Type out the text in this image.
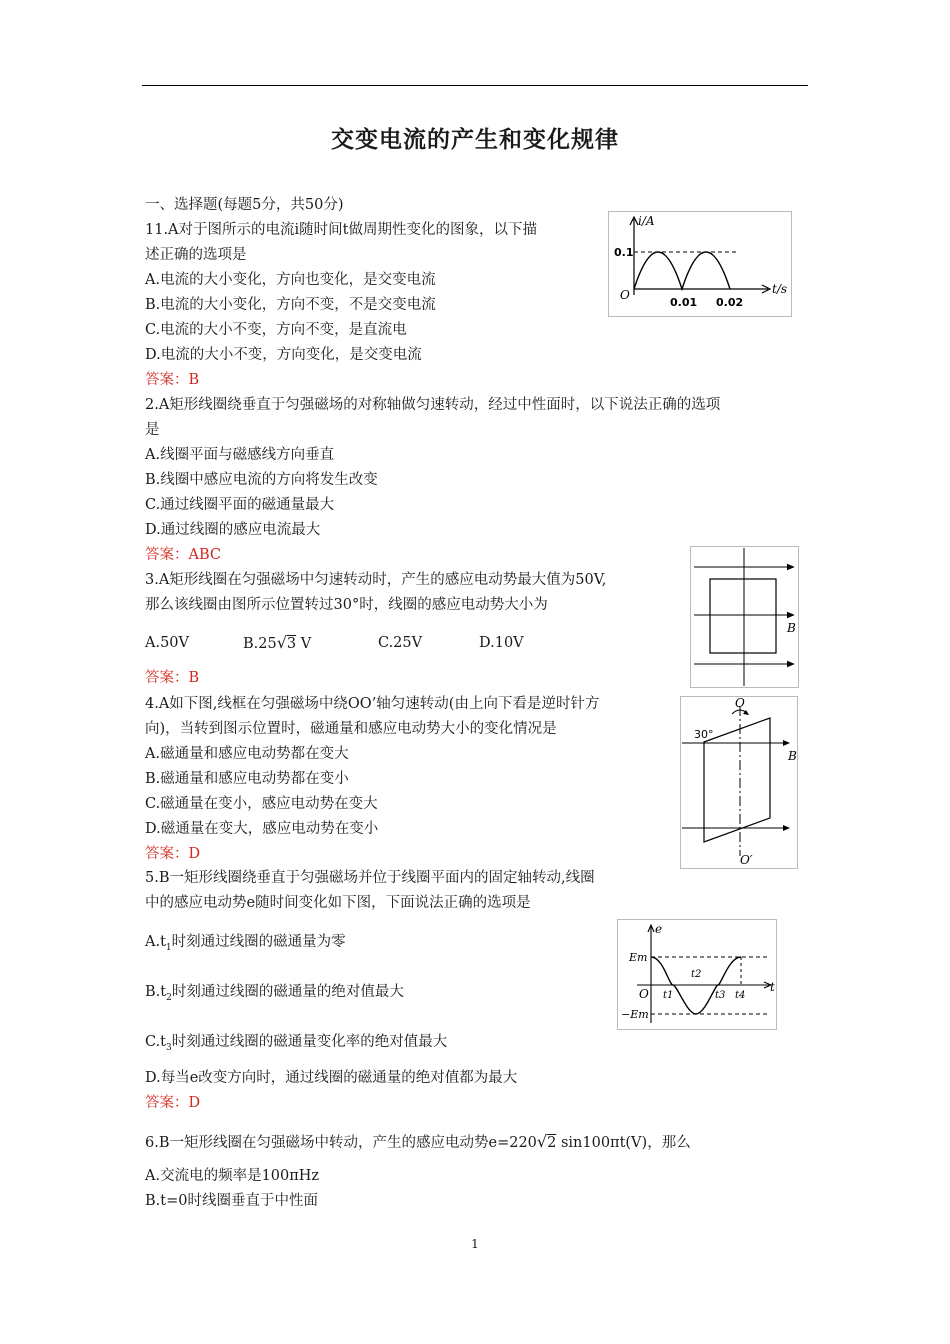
交变电流的产生和变化规律
一、选择题(每题5分，共50分)
11.A对于图所示的电流i随时间t做周期性变化的图象，以下描
述正确的选项是
A.电流的大小变化，方向也变化，是交变电流
B.电流的大小变化，方向不变，不是交变电流
C.电流的大小不变，方向不变，是直流电
D.电流的大小不变，方向变化，是交变电流
答案：B
i/A
t/s
0.1
O
0.01 0.02
2.A矩形线圈绕垂直于匀强磁场的对称轴做匀速转动，经过中性面时，以下说法正确的选项
是
A.线圈平面与磁感线方向垂直
B.线圈中感应电流的方向将发生改变
C.通过线圈平面的磁通量最大
D.通过线圈的感应电流最大
答案：ABC
3.A矩形线圈在匀强磁场中匀速转动时，产生的感应电动势最大值为50V,
那么该线圈由图所示位置转过30°时，线圈的感应电动势大小为
A.50V	B.25√3 V	C.25V	D.10V
答案：B
B
4.A如下图,线框在匀强磁场中绕OO’轴匀速转动(由上向下看是逆时针方
向)，当转到图示位置时，磁通量和感应电动势大小的变化情况是
A.磁通量和感应电动势都在变大
B.磁通量和感应电动势都在变小
C.磁通量在变小，感应电动势在变大
D.磁通量在变大，感应电动势在变小
答案：D
O
O′
30°
B
5.B一矩形线圈绕垂直于匀强磁场并位于线圈平面内的固定轴转动,线圈
中的感应电动势e随时间变化如下图，下面说法正确的选项是
$A.t_1$时刻通过线圈的磁通量为零
$B.t_2$时刻通过线圈的磁通量的绝对值最大
$C.t_3$时刻通过线圈的磁通量变化率的绝对值最大
D.每当e改变方向时，通过线圈的磁通量的绝对值都为最大
答案：D
e
t
Em
−Em
O t1
t2
t3 t4
6.B一矩形线圈在匀强磁场中转动，产生的感应电动势e=220√2 sin100πt(V)，那么
A.交流电的频率是100πHz
B.t=0时线圈垂直于中性面
1
